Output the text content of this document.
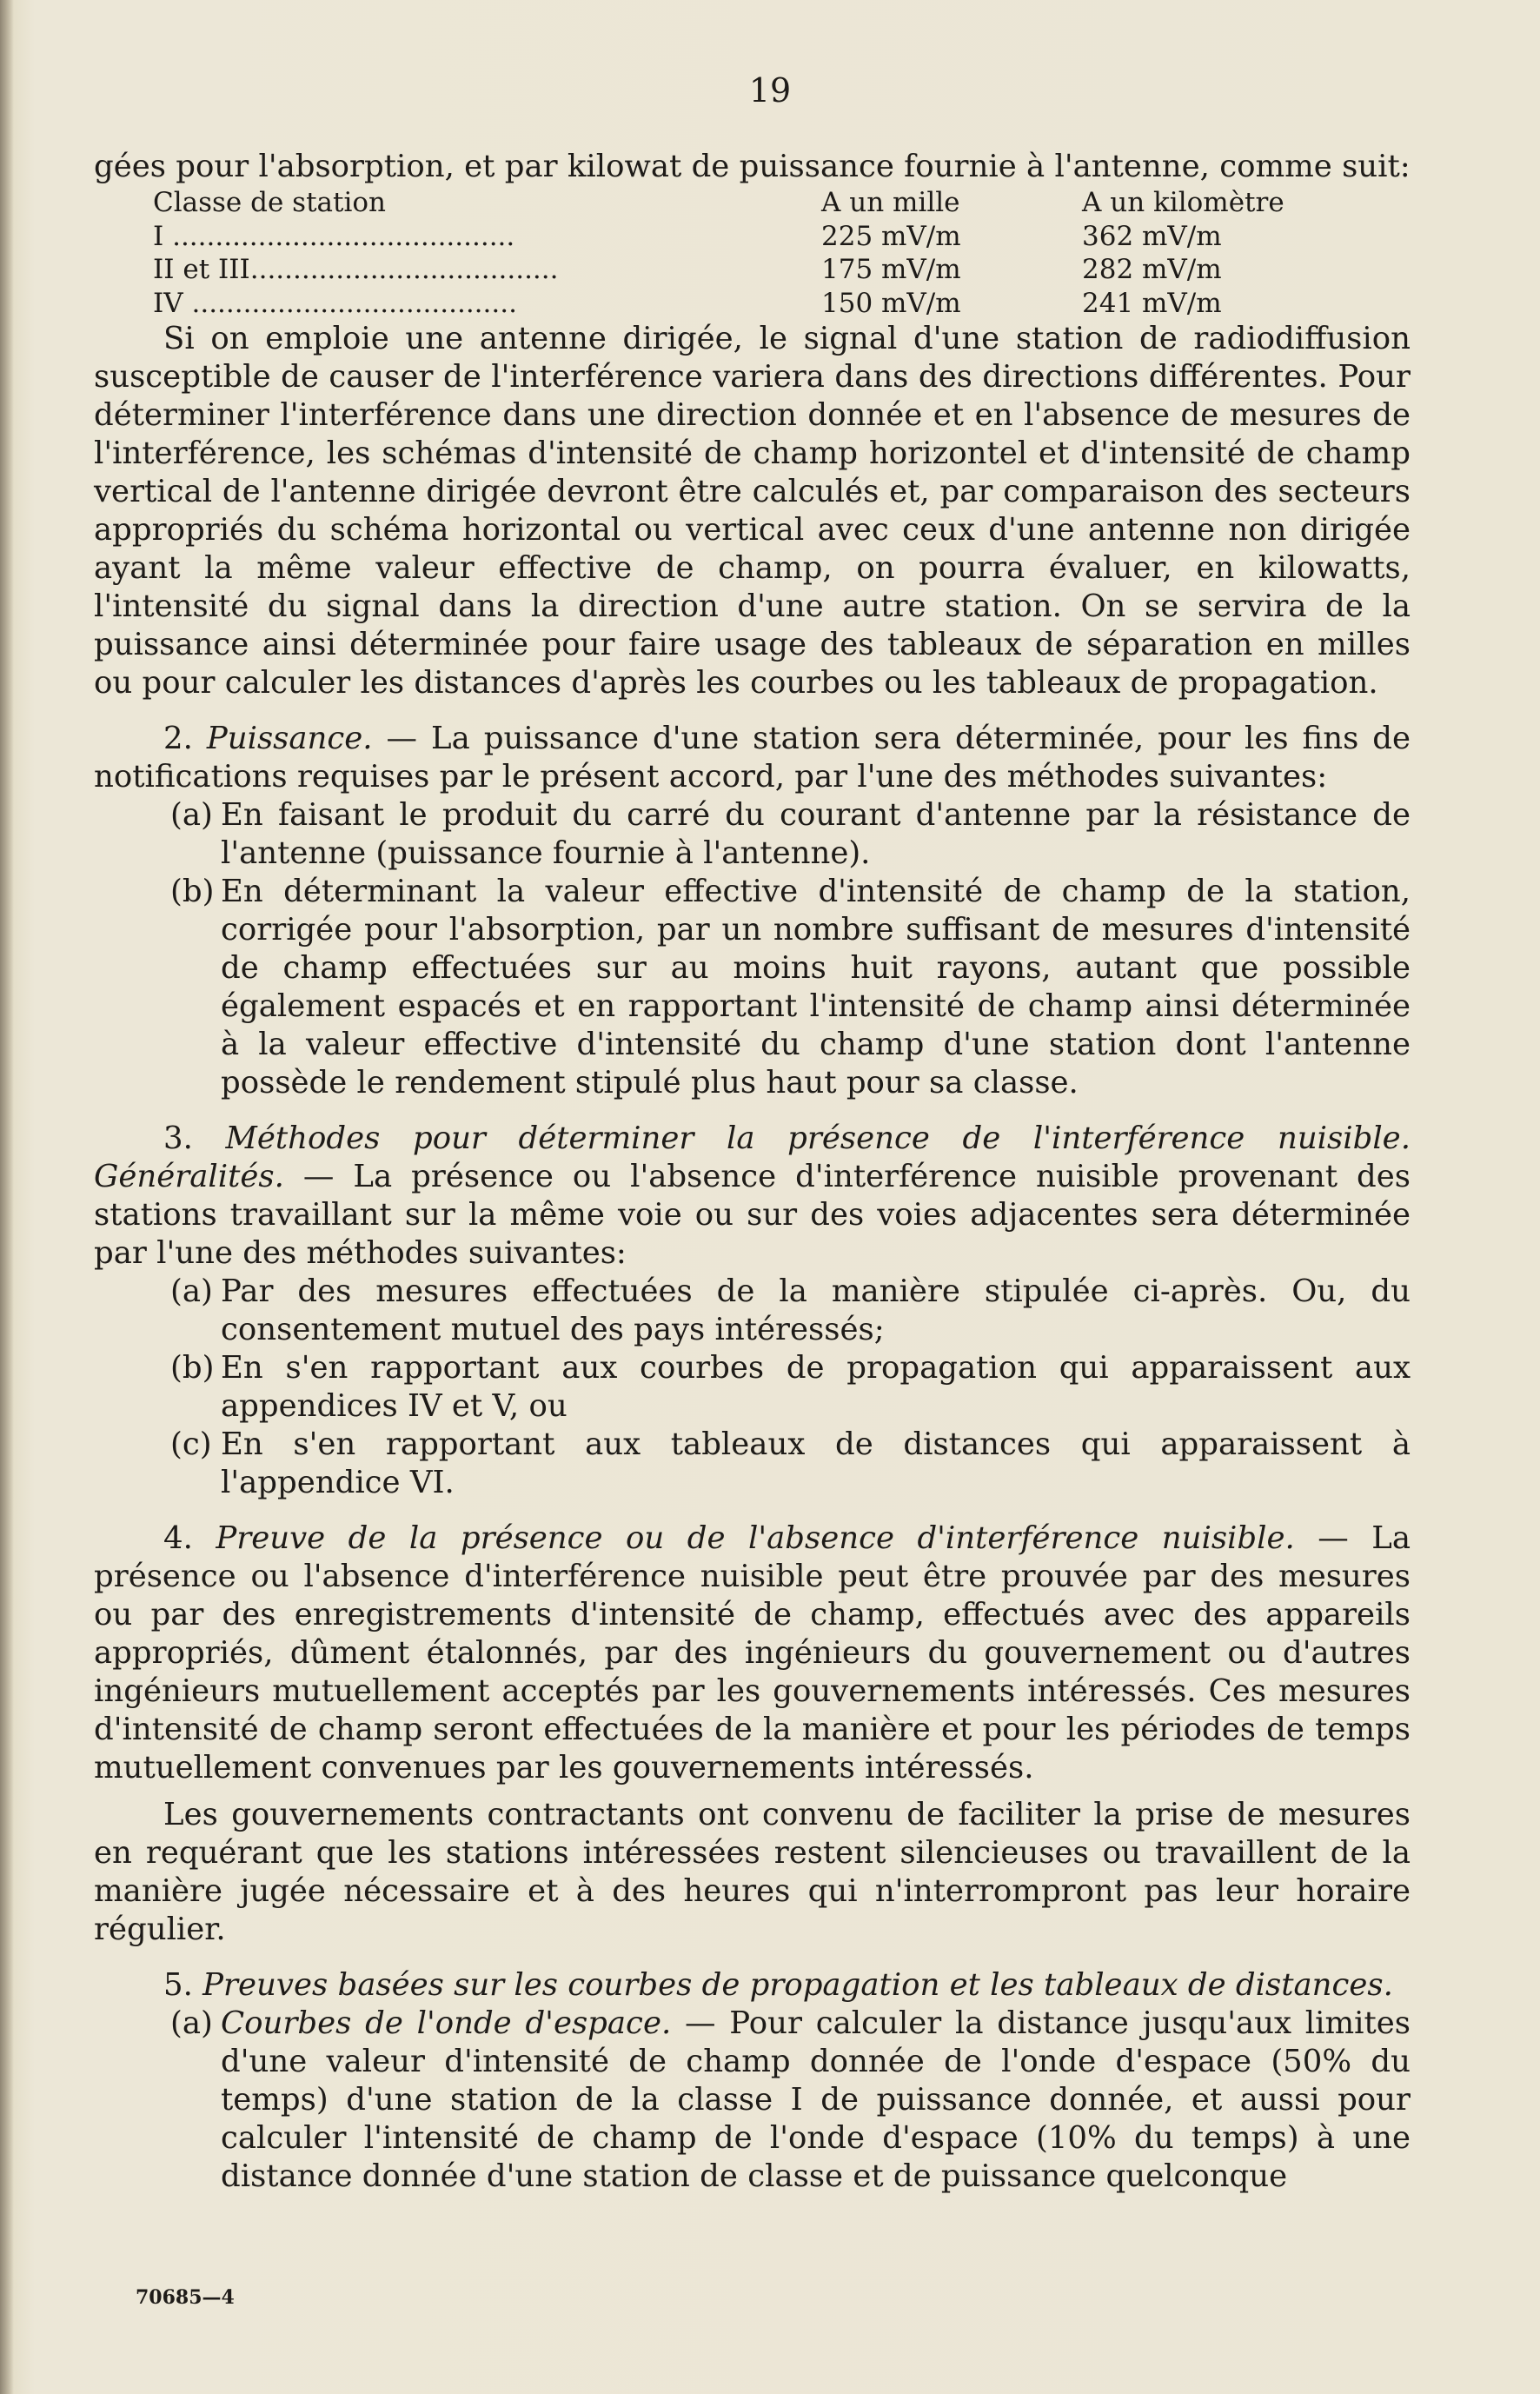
19

gées pour l'absorption, et par kilowat de puissance fournie à l'antenne, comme suit:

Classe de station	A un mille	A un kilomètre
I ........................................	225 mV/m	362 mV/m
II et III....................................	175 mV/m	282 mV/m
IV ......................................	150 mV/m	241 mV/m

Si on emploie une antenne dirigée, le signal d'une station de radiodiffusion susceptible de causer de l'interférence variera dans des directions différentes. Pour déterminer l'interférence dans une direction donnée et en l'absence de mesures de l'interférence, les schémas d'intensité de champ horizontel et d'intensité de champ vertical de l'antenne dirigée devront être calculés et, par comparaison des secteurs appropriés du schéma horizontal ou vertical avec ceux d'une antenne non dirigée ayant la même valeur effective de champ, on pourra évaluer, en kilowatts, l'intensité du signal dans la direction d'une autre station. On se servira de la puissance ainsi déterminée pour faire usage des tableaux de séparation en milles ou pour calculer les distances d'après les courbes ou les tableaux de propagation.

2. Puissance. — La puissance d'une station sera déterminée, pour les fins de notifications requises par le présent accord, par l'une des méthodes suivantes:

(a) En faisant le produit du carré du courant d'antenne par la résistance de l'antenne (puissance fournie à l'antenne).
(b) En déterminant la valeur effective d'intensité de champ de la station, corrigée pour l'absorption, par un nombre suffisant de mesures d'intensité de champ effectuées sur au moins huit rayons, autant que possible également espacés et en rapportant l'intensité de champ ainsi déterminée à la valeur effective d'intensité du champ d'une station dont l'antenne possède le rendement stipulé plus haut pour sa classe.

3. Méthodes pour déterminer la présence de l'interférence nuisible. Généralités. — La présence ou l'absence d'interférence nuisible provenant des stations travaillant sur la même voie ou sur des voies adjacentes sera déterminée par l'une des méthodes suivantes:

(a) Par des mesures effectuées de la manière stipulée ci-après. Ou, du consentement mutuel des pays intéressés;
(b) En s'en rapportant aux courbes de propagation qui apparaissent aux appendices IV et V, ou
(c) En s'en rapportant aux tableaux de distances qui apparaissent à l'appendice VI.

4. Preuve de la présence ou de l'absence d'interférence nuisible. — La présence ou l'absence d'interférence nuisible peut être prouvée par des mesures ou par des enregistrements d'intensité de champ, effectués avec des appareils appropriés, dûment étalonnés, par des ingénieurs du gouvernement ou d'autres ingénieurs mutuellement acceptés par les gouvernements intéressés. Ces mesures d'intensité de champ seront effectuées de la manière et pour les périodes de temps mutuellement convenues par les gouvernements intéressés.

Les gouvernements contractants ont convenu de faciliter la prise de mesures en requérant que les stations intéressées restent silencieuses ou travaillent de la manière jugée nécessaire et à des heures qui n'interrompront pas leur horaire régulier.

5. Preuves basées sur les courbes de propagation et les tableaux de distances.

(a) Courbes de l'onde d'espace. — Pour calculer la distance jusqu'aux limites d'une valeur d'intensité de champ donnée de l'onde d'espace (50% du temps) d'une station de la classe I de puissance donnée, et aussi pour calculer l'intensité de champ de l'onde d'espace (10% du temps) à une distance donnée d'une station de classe et de puissance quelconque
70685—4
